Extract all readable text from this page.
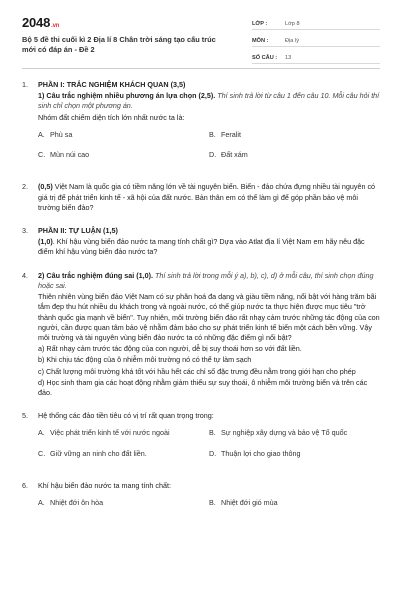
2048.vn
Bộ 5 đề thi cuối kì 2 Địa lí 8 Chân trời sáng tạo cấu trúc mới có đáp án - Đề 2
LỚP :	Lớp 8
MÔN :	Địa lý
SỐ CÂU :	13
1.	PHẦN I: TRẮC NGHIỆM KHÁCH QUAN (3,5)

1) Câu trắc nghiệm nhiều phương án lựa chọn (2,5). Thí sinh trả lời từ câu 1 đến câu 10. Mỗi câu hỏi thí sinh chỉ chọn một phương án.

Nhóm đất chiếm diện tích lớn nhất nước ta là:

A. Phù sa	B. Feralit
C. Mùn núi cao	D. Đất xám
2.	(0,5) Việt Nam là quốc gia có tiềm năng lớn về tài nguyên biển. Biển - đảo chứa đựng nhiều tài nguyên có giá trị để phát triển kinh tế - xã hội của đất nước. Bản thân em có thể làm gì để góp phần bảo vệ môi trường biển đảo?

3.	PHẦN II: TỰ LUẬN (1,5)

(1,0). Khí hậu vùng biển đảo nước ta mang tính chất gì? Dựa vào Atlat địa lí Việt Nam em hãy nêu đặc điểm khí hậu vùng biển đảo nước ta?

4.	2) Câu trắc nghiệm đúng sai (1,0). Thí sinh trả lời trong mỗi ý a), b), c), d) ở mỗi câu, thí sinh chọn đúng hoặc sai.

Thiên nhiên vùng biển đảo Việt Nam có sự phân hoá đa dạng và giàu tiềm năng, nổi bật với hàng trăm bãi tắm đẹp thu hút nhiều du khách trong và ngoài nước, có thể giúp nước ta thực hiện được mục tiêu "trở thành quốc gia mạnh về biển". Tuy nhiên, môi trường biển đảo rất nhạy cảm trước những tác động của con người, cần được quan tâm bảo vệ nhằm đảm bảo cho sự phát triển kinh tế biển một cách bền vững. Vậy môi trường và tài nguyên vùng biển đảo nước ta có những đặc điểm gì nổi bật?

a) Rất nhạy cảm trước tác động của con người, dễ bị suy thoái hơn so với đất liền.

b) Khi chịu tác động của ô nhiễm môi trường nó có thể tự làm sạch

c) Chất lượng môi trường khá tốt với hầu hết các chỉ số đặc trưng đều nằm trong giới hạn cho phép

d) Học sinh tham gia các hoạt động nhằm giảm thiểu sự suy thoái, ô nhiễm môi trường biển và trên các đảo.

5.	Hệ thống các đảo tiền tiêu có vị trí rất quan trọng trong:

A. Việc phát triển kinh tế với nước ngoài	B. Sự nghiệp xây dựng và bảo vệ Tổ quốc
C. Giữ vững an ninh cho đất liền.	D. Thuận lợi cho giao thông
6.	Khí hậu biển đảo nước ta mang tính chất:

A. Nhiệt đới ôn hòa	B. Nhiệt đới gió mùa
